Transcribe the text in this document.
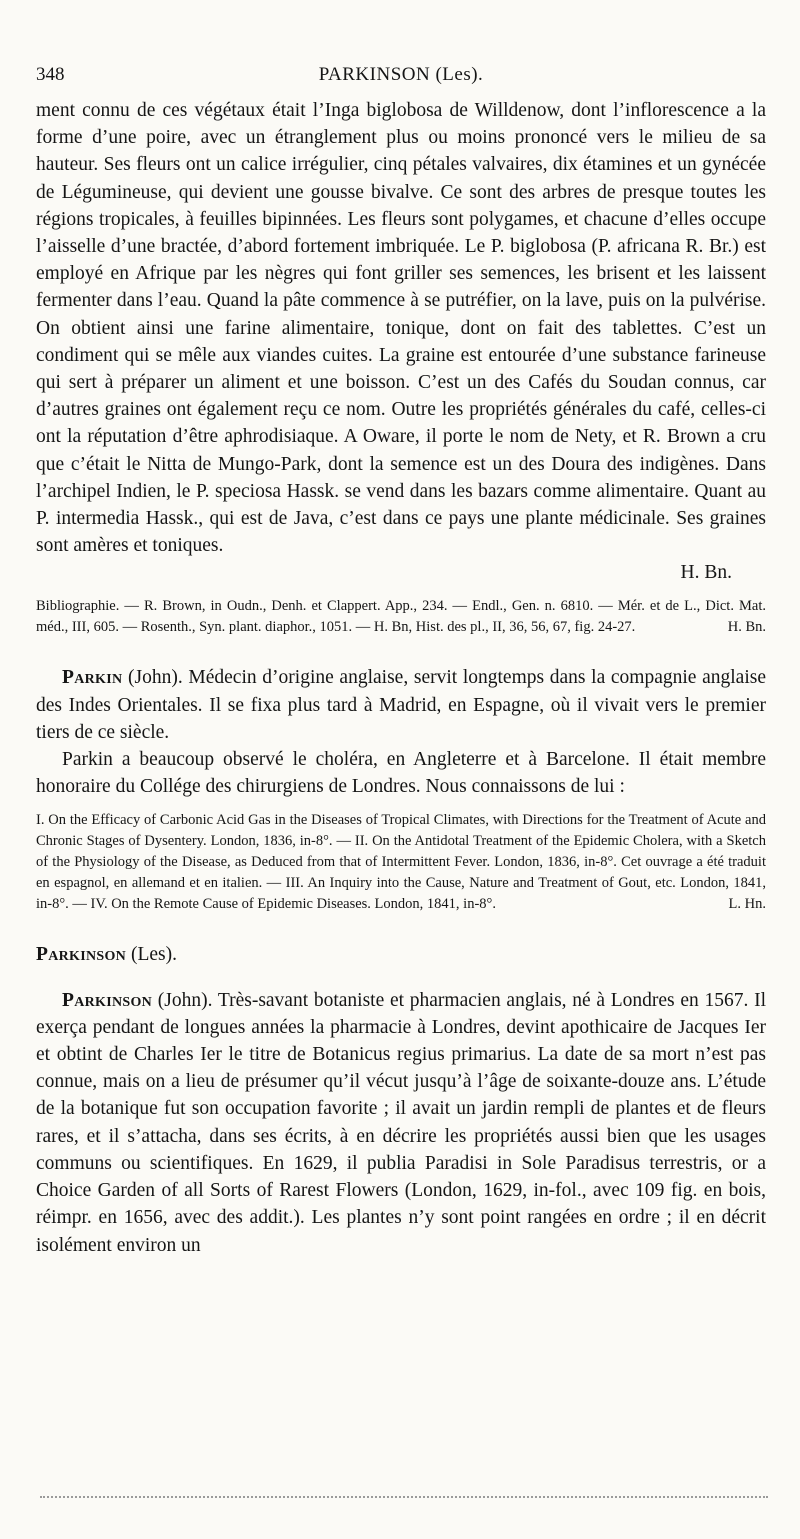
348	PARKINSON (Les).

ment connu de ces végétaux était l’Inga biglobosa de Willdenow, dont l’inflorescence a la forme d’une poire, avec un étranglement plus ou moins prononcé vers le milieu de sa hauteur. Ses fleurs ont un calice irrégulier, cinq pétales valvaires, dix étamines et un gynécée de Légumineuse, qui devient une gousse bivalve. Ce sont des arbres de presque toutes les régions tropicales, à feuilles bipinnées. Les fleurs sont polygames, et chacune d’elles occupe l’aisselle d’une bractée, d’abord fortement imbriquée. Le P. biglobosa (P. africana R. Br.) est employé en Afrique par les nègres qui font griller ses semences, les brisent et les laissent fermenter dans l’eau. Quand la pâte commence à se putréfier, on la lave, puis on la pulvérise. On obtient ainsi une farine alimentaire, tonique, dont on fait des tablettes. C’est un condiment qui se mêle aux viandes cuites. La graine est entourée d’une substance farineuse qui sert à préparer un aliment et une boisson. C’est un des Cafés du Soudan connus, car d’autres graines ont également reçu ce nom. Outre les propriétés générales du café, celles-ci ont la réputation d’être aphrodisiaque. A Oware, il porte le nom de Nety, et R. Brown a cru que c’était le Nitta de Mungo-Park, dont la semence est un des Doura des indigènes. Dans l’archipel Indien, le P. speciosa Hassk. se vend dans les bazars comme alimentaire. Quant au P. intermedia Hassk., qui est de Java, c’est dans ce pays une plante médicinale. Ses graines sont amères et toniques.

H. Bn.

Bibliographie. — R. Brown, in Oudn., Denh. et Clappert. App., 234. — Endl., Gen. n. 6810. — Mér. et de L., Dict. Mat. méd., III, 605. — Rosenth., Syn. plant. diaphor., 1051. — H. Bn, Hist. des pl., II, 36, 56, 67, fig. 24-27.	H. Bn.

Parkin (John). Médecin d’origine anglaise, servit longtemps dans la compagnie anglaise des Indes Orientales. Il se fixa plus tard à Madrid, en Espagne, où il vivait vers le premier tiers de ce siècle.

Parkin a beaucoup observé le choléra, en Angleterre et à Barcelone. Il était membre honoraire du Collége des chirurgiens de Londres. Nous connaissons de lui :

I. On the Efficacy of Carbonic Acid Gas in the Diseases of Tropical Climates, with Directions for the Treatment of Acute and Chronic Stages of Dysentery. London, 1836, in-8°. — II. On the Antidotal Treatment of the Epidemic Cholera, with a Sketch of the Physiology of the Disease, as Deduced from that of Intermittent Fever. London, 1836, in-8°. Cet ouvrage a été traduit en espagnol, en allemand et en italien. — III. An Inquiry into the Cause, Nature and Treatment of Gout, etc. London, 1841, in-8°. — IV. On the Remote Cause of Epidemic Diseases. London, 1841, in-8°.	L. Hn.

Parkinson (Les).

Parkinson (John). Très-savant botaniste et pharmacien anglais, né à Londres en 1567. Il exerça pendant de longues années la pharmacie à Londres, devint apothicaire de Jacques Ier et obtint de Charles Ier le titre de Botanicus regius primarius. La date de sa mort n’est pas connue, mais on a lieu de présumer qu’il vécut jusqu’à l’âge de soixante-douze ans. L’étude de la botanique fut son occupation favorite ; il avait un jardin rempli de plantes et de fleurs rares, et il s’attacha, dans ses écrits, à en décrire les propriétés aussi bien que les usages communs ou scientifiques. En 1629, il publia Paradisi in Sole Paradisus terrestris, or a Choice Garden of all Sorts of Rarest Flowers (London, 1629, in-fol., avec 109 fig. en bois, réimpr. en 1656, avec des addit.). Les plantes n’y sont point rangées en ordre ; il en décrit isolément environ un
